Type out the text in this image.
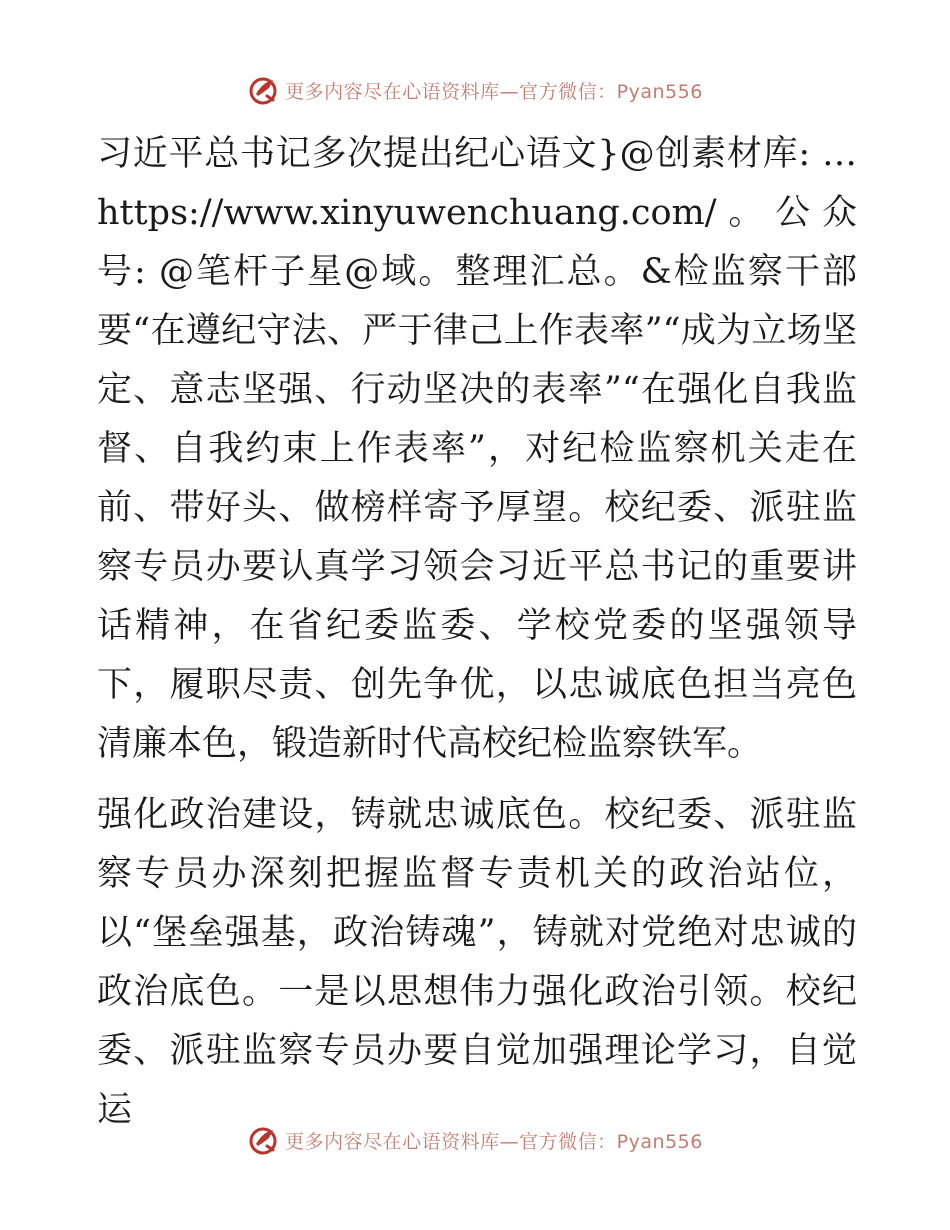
更多内容尽在心语资料库—官方微信：Pyan556

习近平总书记多次提出纪心语文}@创素材库: … https://www.xinyuwenchuang.com/。公众号: @笔杆子星@域。整理汇总。&检监察干部要“在遵纪守法、严于律己上作表率”“成为立场坚定、意志坚强、行动坚决的表率”“在强化自我监督、自我约束上作表率”，对纪检监察机关走在前、带好头、做榜样寄予厚望。校纪委、派驻监察专员办要认真学习领会习近平总书记的重要讲话精神，在省纪委监委、学校党委的坚强领导下，履职尽责、创先争优，以忠诚底色担当亮色清廉本色，锻造新时代高校纪检监察铁军。

强化政治建设，铸就忠诚底色。校纪委、派驻监察专员办深刻把握监督专责机关的政治站位，以“堡垒强基，政治铸魂”，铸就对党绝对忠诚的政治底色。一是以思想伟力强化政治引领。校纪委、派驻监察专员办要自觉加强理论学习，自觉运

更多内容尽在心语资料库—官方微信：Pyan556
